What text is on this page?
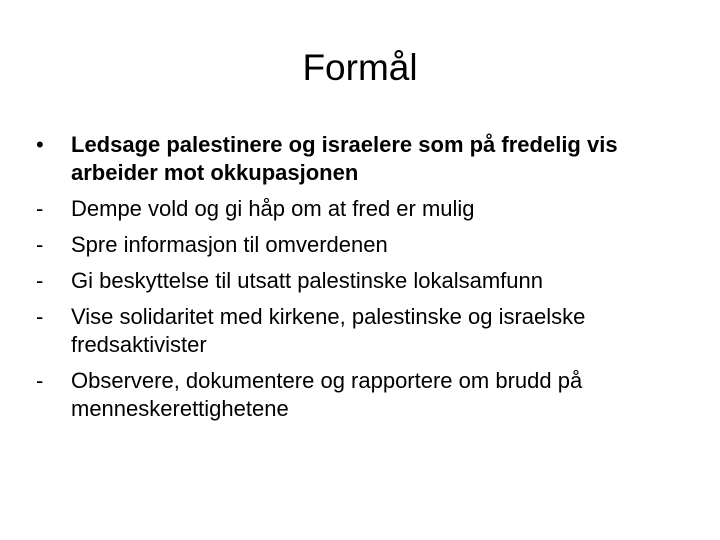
Formål
•	Ledsage palestinere og israelere som på fredelig vis arbeider mot okkupasjonen
-	Dempe vold og gi håp om at fred er mulig
-	Spre informasjon til omverdenen
-	Gi beskyttelse til utsatt palestinske lokalsamfunn
-	Vise solidaritet med kirkene, palestinske og israelske fredsaktivister
-	Observere, dokumentere og rapportere om brudd på menneskerettighetene
